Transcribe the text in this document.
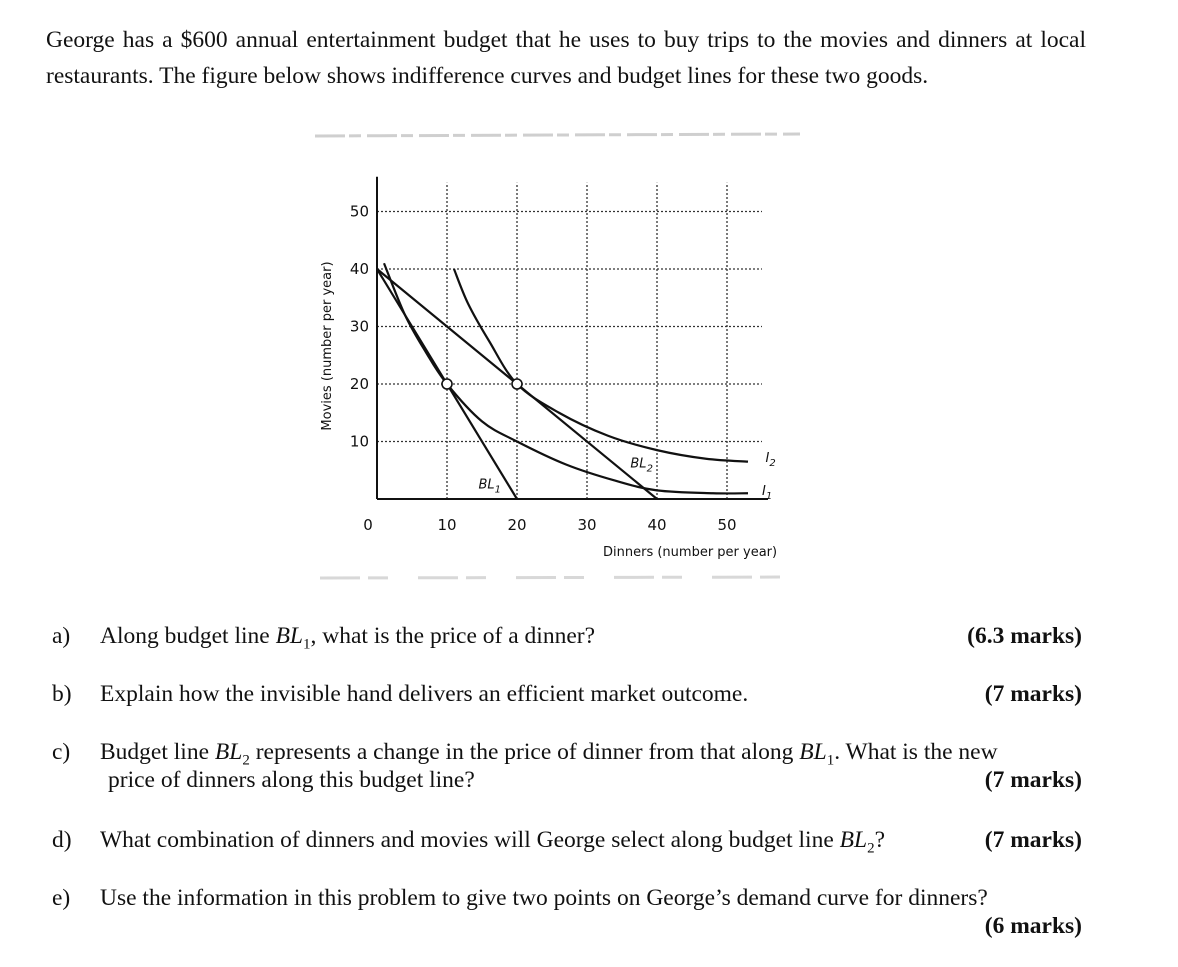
George has a $600 annual entertainment budget that he uses to buy trips to the movies and dinners at local restaurants. The figure below shows indifference curves and budget lines for these two goods.

10
20
30
40
50
0	10	20	30	40	50
$BL_1$
$BL_2$
$I_2$
$I_1$
Dinners (number per year)
Movies (number per year)
a) Along budget line $BL_1$, what is the price of a dinner?	(6.3 marks)
b) Explain how the invisible hand delivers an efficient market outcome.	(7 marks)
c) Budget line $BL_2$ represents a change in the price of dinner from that along $BL_1$. What is the new
price of dinners along this budget line?	(7 marks)
d) What combination of dinners and movies will George select along budget line $BL_2$?	(7 marks)
e) Use the information in this problem to give two points on George’s demand curve for dinners?
(6 marks)
